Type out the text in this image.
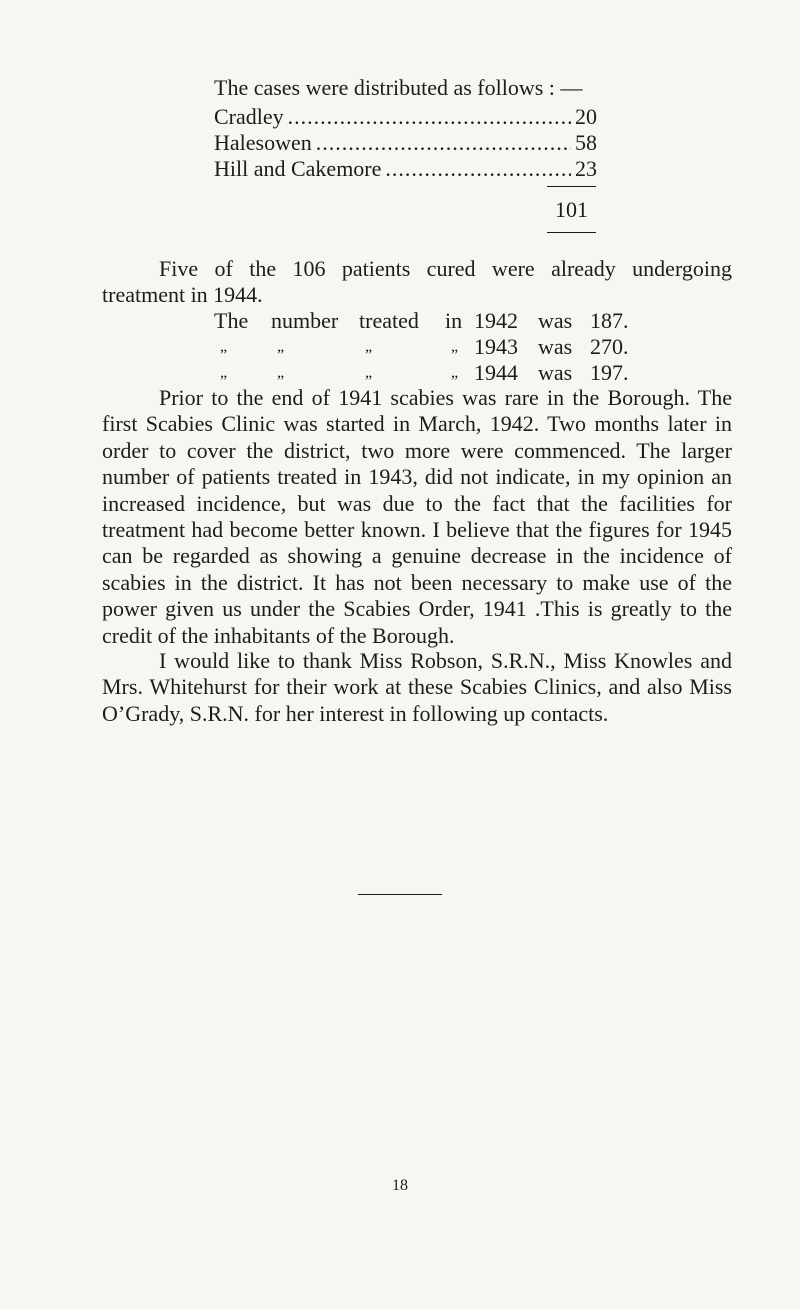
The cases were distributed as follows : —
Cradley .....	20
Halesowen .....	58
Hill and Cakemore .....	23
101

Five of the 106 patients cured were already undergoing treatment in 1944.

The	number	treated	in	1942	was	187.
„	„	„	„	1943	was	270.
„	„	„	„	1944	was	197.

Prior to the end of 1941 scabies was rare in the Borough. The first Scabies Clinic was started in March, 1942. Two months later in order to cover the district, two more were commenced. The larger number of patients treated in 1943, did not indicate, in my opinion an increased incidence, but was due to the fact that the facilities for treatment had become better known. I believe that the figures for 1945 can be regarded as showing a genuine decrease in the incidence of scabies in the district. It has not been necessary to make use of the power given us under the Scabies Order, 1941 .This is greatly to the credit of the inhabitants of the Borough.

I would like to thank Miss Robson, S.R.N., Miss Knowles and Mrs. Whitehurst for their work at these Scabies Clinics, and also Miss O’Grady, S.R.N. for her interest in following up contacts.

18
